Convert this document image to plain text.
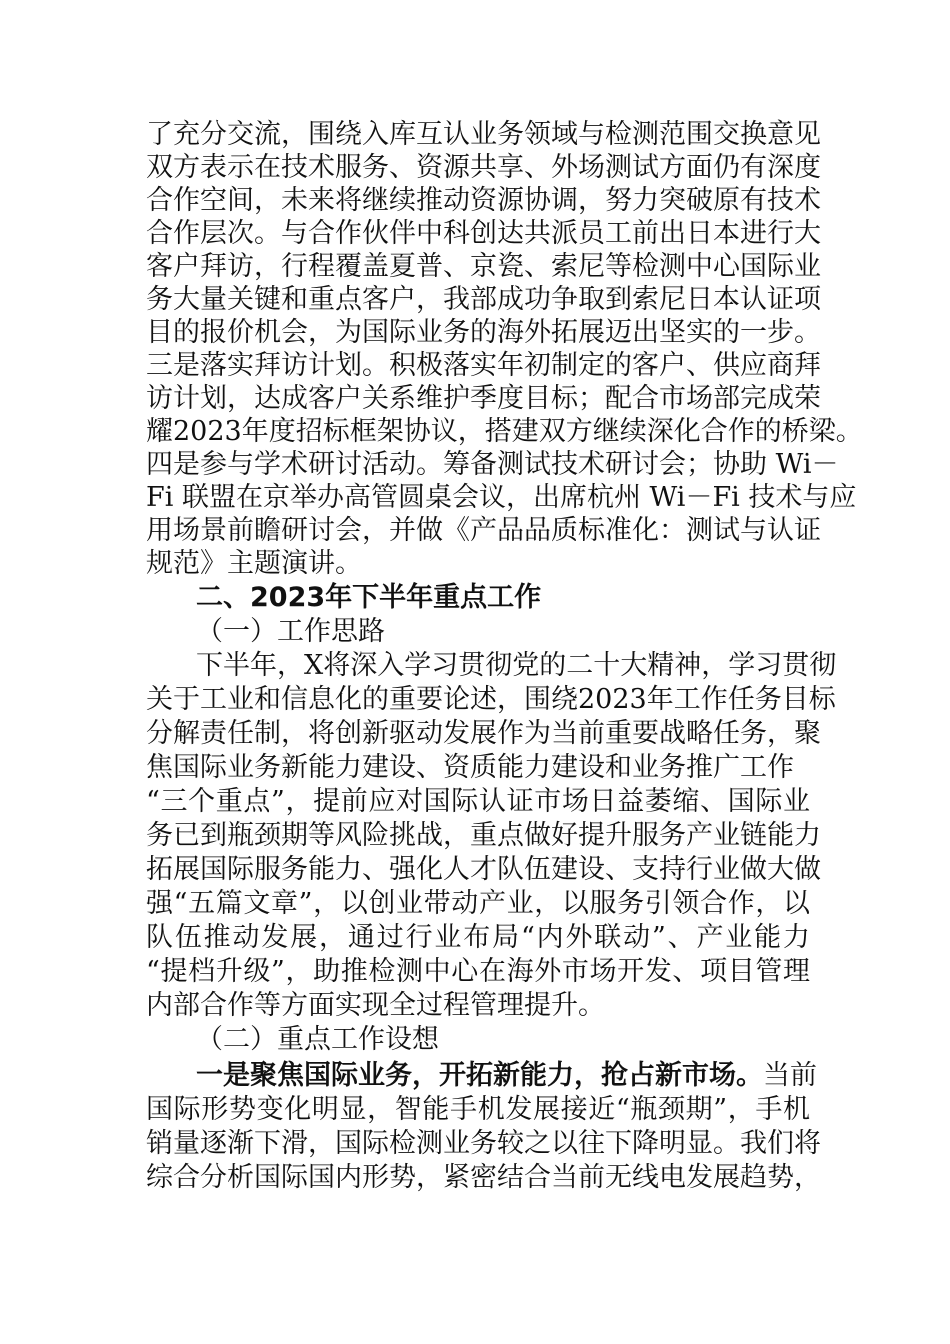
了充分交流，围绕入库互认业务领域与检测范围交换意见
双方表示在技术服务、资源共享、外场测试方面仍有深度
合作空间，未来将继续推动资源协调，努力突破原有技术
合作层次。与合作伙伴中科创达共派员工前出日本进行大
客户拜访，行程覆盖夏普、京瓷、索尼等检测中心国际业
务大量关键和重点客户，我部成功争取到索尼日本认证项
目的报价机会，为国际业务的海外拓展迈出坚实的一步。
三是落实拜访计划。积极落实年初制定的客户、供应商拜
访计划，达成客户关系维护季度目标；配合市场部完成荣
耀2023年度招标框架协议，搭建双方继续深化合作的桥梁。
四是参与学术研讨活动。筹备测试技术研讨会；协助 Wi－
Fi 联盟在京举办高管圆桌会议，出席杭州 Wi－Fi 技术与应
用场景前瞻研讨会，并做《产品品质标准化：测试与认证
规范》主题演讲。
二、2023年下半年重点工作
（一）工作思路
下半年，X将深入学习贯彻党的二十大精神，学习贯彻
关于工业和信息化的重要论述，围绕2023年工作任务目标
分解责任制，将创新驱动发展作为当前重要战略任务，聚
焦国际业务新能力建设、资质能力建设和业务推广工作
“三个重点”，提前应对国际认证市场日益萎缩、国际业
务已到瓶颈期等风险挑战，重点做好提升服务产业链能力
拓展国际服务能力、强化人才队伍建设、支持行业做大做
强“五篇文章”，以创业带动产业，以服务引领合作，以
队伍推动发展，通过行业布局“内外联动”、产业能力
“提档升级”，助推检测中心在海外市场开发、项目管理
内部合作等方面实现全过程管理提升。
（二）重点工作设想
一是聚焦国际业务，开拓新能力，抢占新市场。当前
国际形势变化明显，智能手机发展接近“瓶颈期”，手机
销量逐渐下滑，国际检测业务较之以往下降明显。我们将
综合分析国际国内形势，紧密结合当前无线电发展趋势，
